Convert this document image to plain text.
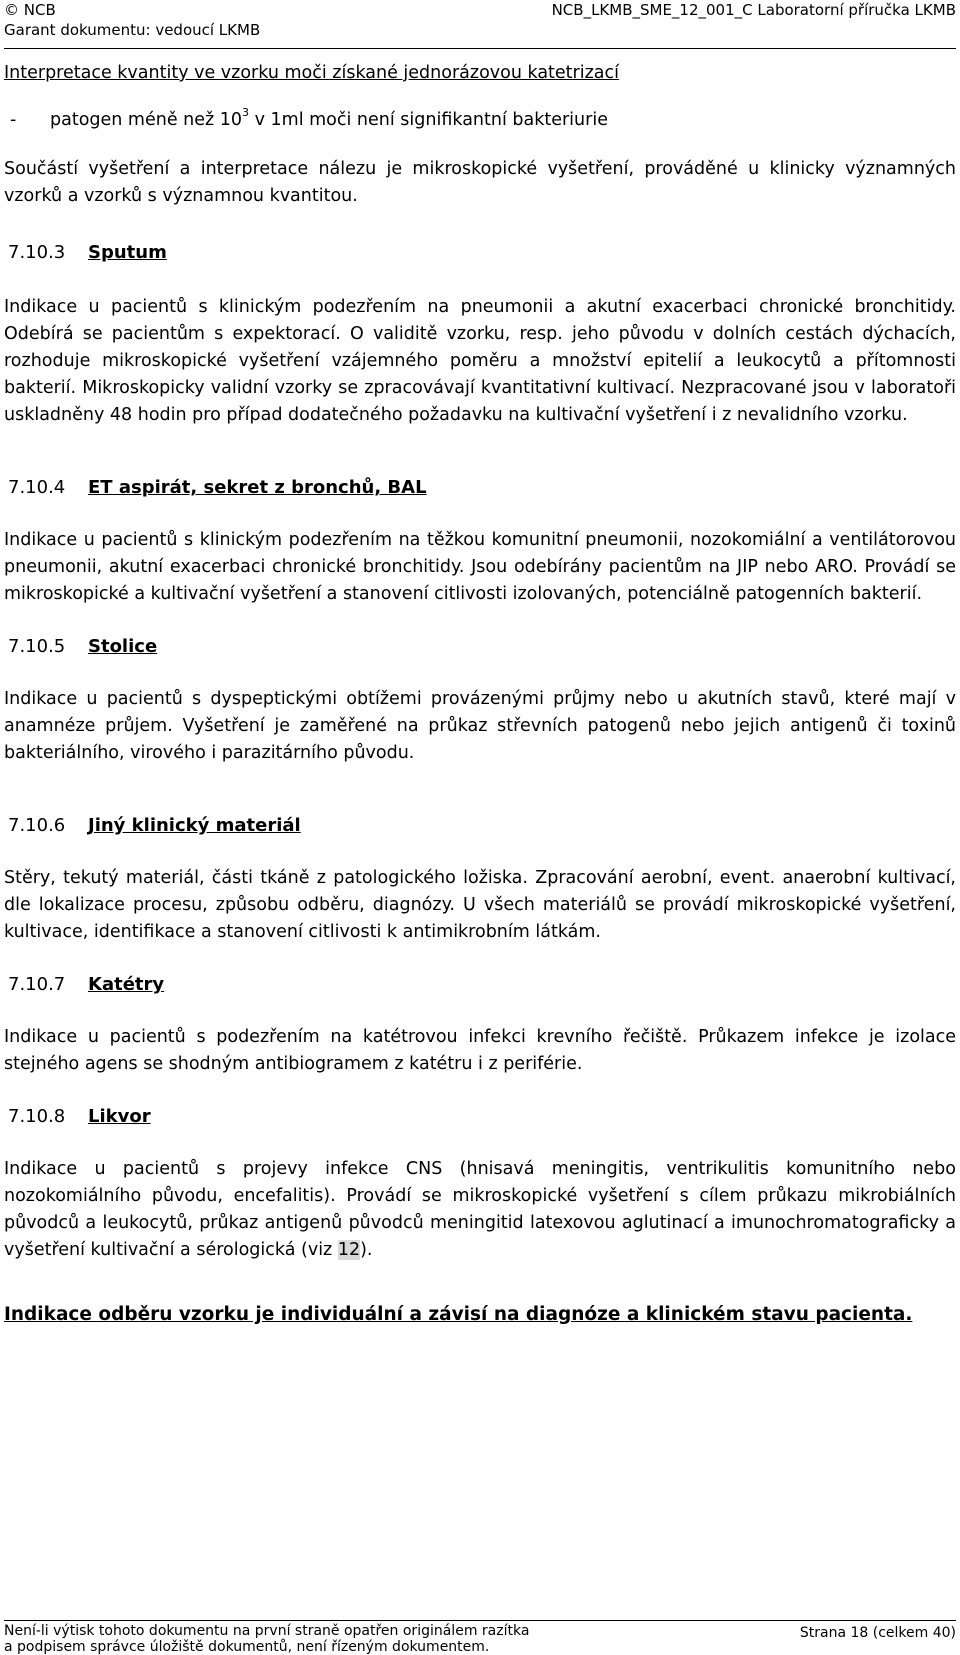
© NCB
Garant dokumentu: vedoucí LKMB
NCB_LKMB_SME_12_001_C Laboratorní příručka LKMB

Interpretace kvantity ve vzorku moči získané jednorázovou katetrizací

- patogen méně než $10^3$ v 1ml moči není signifikantní bakteriurie

Součástí vyšetření a interpretace nálezu je mikroskopické vyšetření, prováděné u klinicky významných vzorků a vzorků s významnou kvantitou.

7.10.3 Sputum

Indikace u pacientů s klinickým podezřením na pneumonii a akutní exacerbaci chronické bronchitidy. Odebírá se pacientům s expektorací. O validitě vzorku, resp. jeho původu v dolních cestách dýchacích, rozhoduje mikroskopické vyšetření vzájemného poměru a množství epitelií a leukocytů a přítomnosti bakterií. Mikroskopicky validní vzorky se zpracovávají kvantitativní kultivací. Nezpracované jsou v laboratoři uskladněny 48 hodin pro případ dodatečného požadavku na kultivační vyšetření i z nevalidního vzorku.

7.10.4 ET aspirát, sekret z bronchů, BAL

Indikace u pacientů s klinickým podezřením na těžkou komunitní pneumonii, nozokomiální a ventilátorovou pneumonii, akutní exacerbaci chronické bronchitidy. Jsou odebírány pacientům na JIP nebo ARO. Provádí se mikroskopické a kultivační vyšetření a stanovení citlivosti izolovaných, potenciálně patogenních bakterií.

7.10.5 Stolice

Indikace u pacientů s dyspeptickými obtížemi provázenými průjmy nebo u akutních stavů, které mají v anamnéze průjem. Vyšetření je zaměřené na průkaz střevních patogenů nebo jejich antigenů či toxinů bakteriálního, virového i parazitárního původu.

7.10.6 Jiný klinický materiál

Stěry, tekutý materiál, části tkáně z patologického ložiska. Zpracování aerobní, event. anaerobní kultivací, dle lokalizace procesu, způsobu odběru, diagnózy. U všech materiálů se provádí mikroskopické vyšetření, kultivace, identifikace a stanovení citlivosti k antimikrobním látkám.

7.10.7 Katétry

Indikace u pacientů s podezřením na katétrovou infekci krevního řečiště. Průkazem infekce je izolace stejného agens se shodným antibiogramem z katétru i z periférie.

7.10.8 Likvor

Indikace u pacientů s projevy infekce CNS (hnisavá meningitis, ventrikulitis komunitního nebo nozokomiálního původu, encefalitis). Provádí se mikroskopické vyšetření s cílem průkazu mikrobiálních původců a leukocytů, průkaz antigenů původců meningitid latexovou aglutinací a imunochromatograficky a vyšetření kultivační a sérologická (viz 12).

Indikace odběru vzorku je individuální a závisí na diagnóze a klinickém stavu pacienta.

Není-li výtisk tohoto dokumentu na první straně opatřen originálem razítka
a podpisem správce úložiště dokumentů, není řízeným dokumentem.
Strana 18 (celkem 40)
